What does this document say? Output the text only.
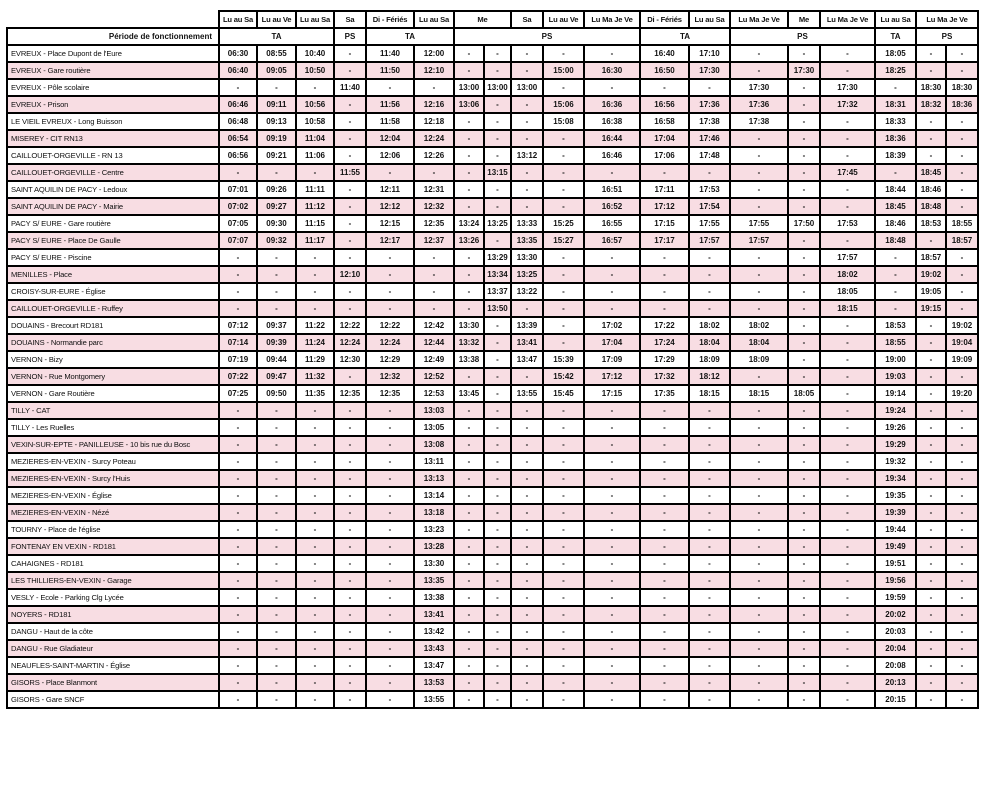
	Lu au Sa	Lu au Ve	Lu au Sa	Sa	Di - Fériés	Lu au Sa	Me		Sa	Lu au Ve	Lu Ma Je Ve	Di - Fériés	Lu au Sa	Lu Ma Je Ve	Me	Lu Ma Je Ve	Lu au Sa	Lu Ma Je Ve	
Période de fonctionnement	TA			PS	TA		PS					TA		PS			TA	PS	
EVREUX - Place Dupont de l'Eure	06:30	08:55	10:40	-	11:40	12:00	-	-	-	-	-	16:40	17:10	-	-	-	18:05	-	-
EVREUX - Gare routière	06:40	09:05	10:50	-	11:50	12:10	-	-	-	15:00	16:30	16:50	17:30	-	17:30	-	18:25	-	-
EVREUX - Pôle scolaire	-	-	-	11:40	-	-	13:00	13:00	13:00	-	-	-	-	17:30	-	17:30	-	18:30	18:30
EVREUX - Prison	06:46	09:11	10:56	-	11:56	12:16	13:06	-	-	15:06	16:36	16:56	17:36	17:36	-	17:32	18:31	18:32	18:36
LE VIEIL EVREUX - Long Buisson	06:48	09:13	10:58	-	11:58	12:18	-	-	-	15:08	16:38	16:58	17:38	17:38	-	-	18:33	-	-
MISEREY - CIT RN13	06:54	09:19	11:04	-	12:04	12:24	-	-	-	-	16:44	17:04	17:46	-	-	-	18:36	-	-
CAILLOUET-ORGEVILLE - RN 13	06:56	09:21	11:06	-	12:06	12:26	-	-	13:12	-	16:46	17:06	17:48	-	-	-	18:39	-	-
CAILLOUET-ORGEVILLE - Centre	-	-	-	11:55	-	-	-	13:15	-	-	-	-	-	-	-	17:45	-	18:45	-
SAINT AQUILIN DE PACY - Ledoux	07:01	09:26	11:11	-	12:11	12:31	-	-	-	-	16:51	17:11	17:53	-	-	-	18:44	18:46	-
SAINT AQUILIN DE PACY - Mairie	07:02	09:27	11:12	-	12:12	12:32	-	-	-	-	16:52	17:12	17:54	-	-	-	18:45	18:48	-
PACY S/ EURE - Gare routière	07:05	09:30	11:15	-	12:15	12:35	13:24	13:25	13:33	15:25	16:55	17:15	17:55	17:55	17:50	17:53	18:46	18:53	18:55
PACY S/ EURE - Place De Gaulle	07:07	09:32	11:17	-	12:17	12:37	13:26	-	13:35	15:27	16:57	17:17	17:57	17:57	-	-	18:48	-	18:57
PACY S/ EURE - Piscine	-	-	-	-	-	-	-	13:29	13:30	-	-	-	-	-	-	17:57	-	18:57	-
MENILLES - Place	-	-	-	12:10	-	-	-	13:34	13:25	-	-	-	-	-	-	18:02	-	19:02	-
CROISY-SUR-EURE - Église	-	-	-	-	-	-	-	13:37	13:22	-	-	-	-	-	-	18:05	-	19:05	-
CAILLOUET-ORGEVILLE - Ruffey	-	-	-	-	-	-	-	13:50	-	-	-	-	-	-	-	18:15	-	19:15	-
DOUAINS - Brecourt RD181	07:12	09:37	11:22	12:22	12:22	12:42	13:30	-	13:39	-	17:02	17:22	18:02	18:02	-	-	18:53	-	19:02
DOUAINS - Normandie parc	07:14	09:39	11:24	12:24	12:24	12:44	13:32	-	13:41	-	17:04	17:24	18:04	18:04	-	-	18:55	-	19:04
VERNON - Bizy	07:19	09:44	11:29	12:30	12:29	12:49	13:38	-	13:47	15:39	17:09	17:29	18:09	18:09	-	-	19:00	-	19:09
VERNON - Rue Montgomery	07:22	09:47	11:32	-	12:32	12:52	-	-	-	15:42	17:12	17:32	18:12	-	-	-	19:03	-	-
VERNON - Gare Routière	07:25	09:50	11:35	12:35	12:35	12:53	13:45	-	13:55	15:45	17:15	17:35	18:15	18:15	18:05	-	19:14	-	19:20
TILLY - CAT	-	-	-	-	-	13:03	-	-	-	-	-	-	-	-	-	-	19:24	-	-
TILLY - Les Ruelles	-	-	-	-	-	13:05	-	-	-	-	-	-	-	-	-	-	19:26	-	-
VEXIN-SUR-EPTE - PANILLEUSE - 10 bis rue du Bosc	-	-	-	-	-	13:08	-	-	-	-	-	-	-	-	-	-	19:29	-	-
MEZIERES-EN-VEXIN - Surcy Poteau	-	-	-	-	-	13:11	-	-	-	-	-	-	-	-	-	-	19:32	-	-
MEZIERES-EN-VEXIN - Surcy l'Huis	-	-	-	-	-	13:13	-	-	-	-	-	-	-	-	-	-	19:34	-	-
MEZIERES-EN-VEXIN - Église	-	-	-	-	-	13:14	-	-	-	-	-	-	-	-	-	-	19:35	-	-
MEZIERES-EN-VEXIN - Nézé	-	-	-	-	-	13:18	-	-	-	-	-	-	-	-	-	-	19:39	-	-
TOURNY - Place de l'église	-	-	-	-	-	13:23	-	-	-	-	-	-	-	-	-	-	19:44	-	-
FONTENAY EN VEXIN - RD181	-	-	-	-	-	13:28	-	-	-	-	-	-	-	-	-	-	19:49	-	-
CAHAIGNES - RD181	-	-	-	-	-	13:30	-	-	-	-	-	-	-	-	-	-	19:51	-	-
LES THILLIERS-EN-VEXIN - Garage	-	-	-	-	-	13:35	-	-	-	-	-	-	-	-	-	-	19:56	-	-
VESLY - Ecole - Parking Clg Lycée	-	-	-	-	-	13:38	-	-	-	-	-	-	-	-	-	-	19:59	-	-
NOYERS - RD181	-	-	-	-	-	13:41	-	-	-	-	-	-	-	-	-	-	20:02	-	-
DANGU - Haut de la côte	-	-	-	-	-	13:42	-	-	-	-	-	-	-	-	-	-	20:03	-	-
DANGU - Rue Gladiateur	-	-	-	-	-	13:43	-	-	-	-	-	-	-	-	-	-	20:04	-	-
NEAUFLES-SAINT-MARTIN - Église	-	-	-	-	-	13:47	-	-	-	-	-	-	-	-	-	-	20:08	-	-
GISORS - Place Blanmont	-	-	-	-	-	13:53	-	-	-	-	-	-	-	-	-	-	20:13	-	-
GISORS - Gare SNCF	-	-	-	-	-	13:55	-	-	-	-	-	-	-	-	-	-	20:15	-	-
